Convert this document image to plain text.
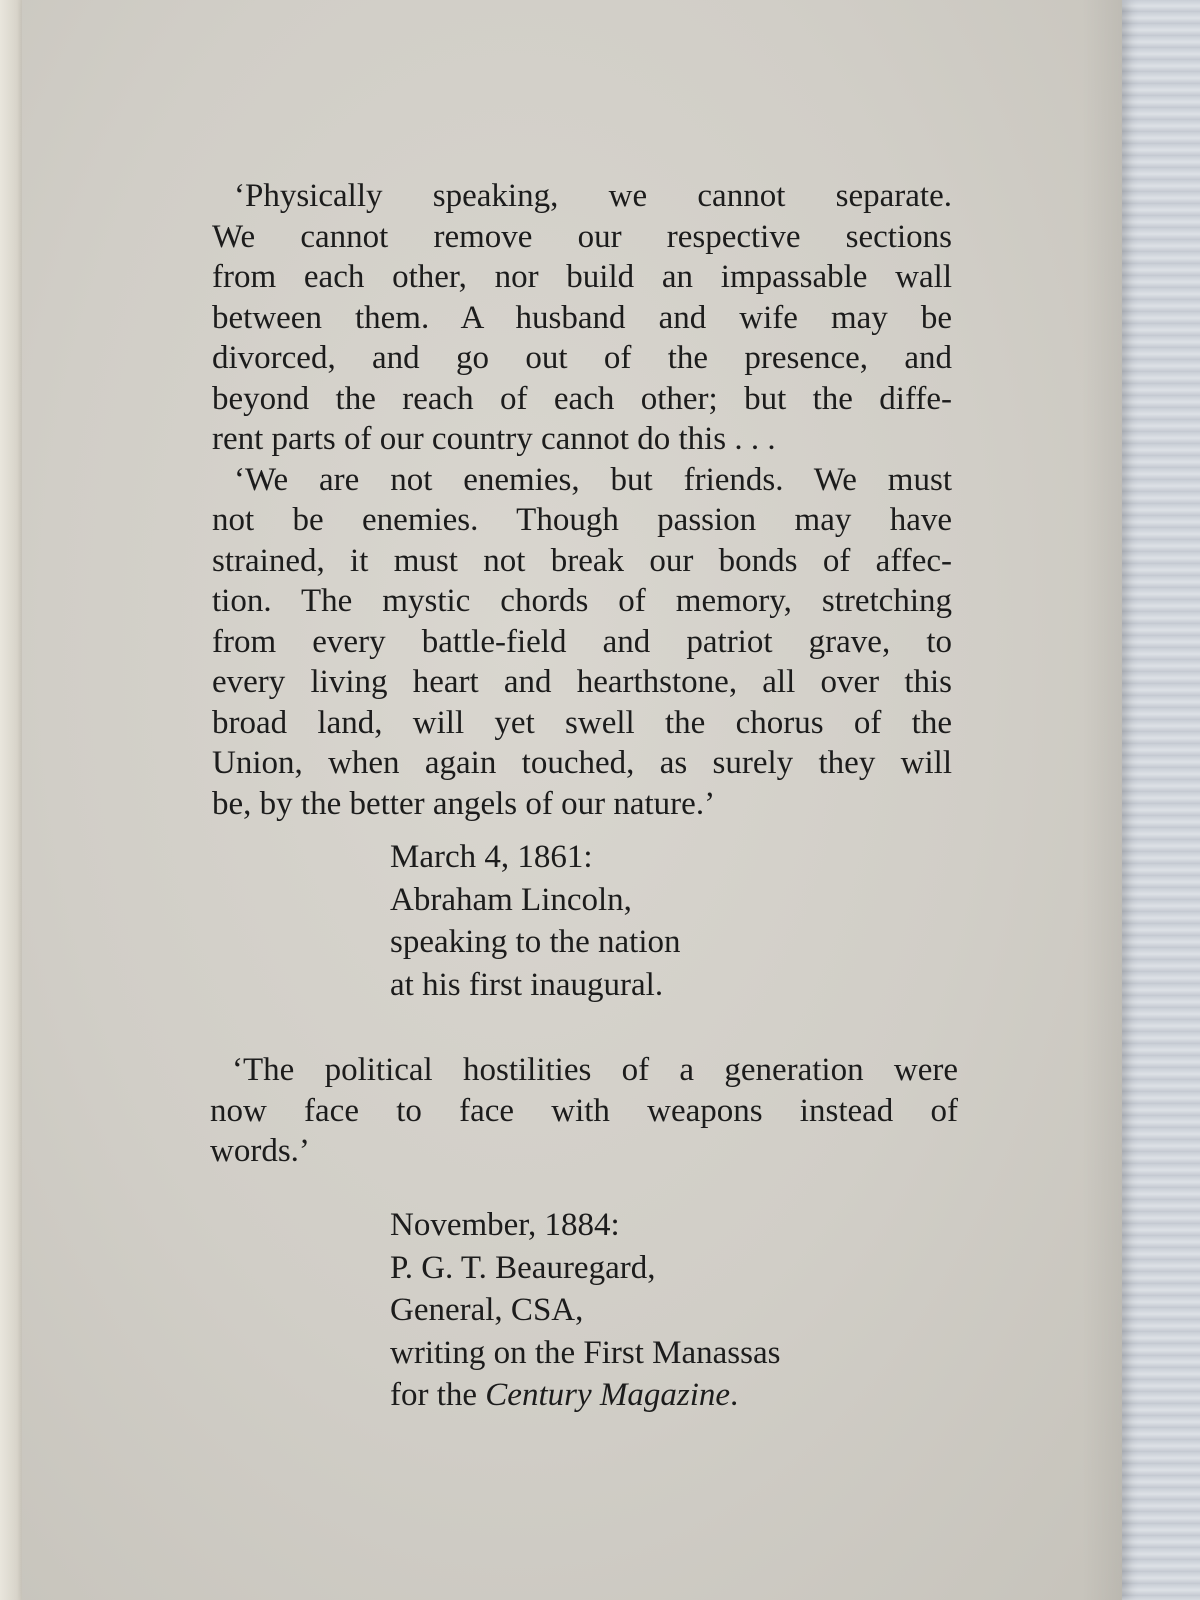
‘Physically speaking, we cannot separate.
We cannot remove our respective sections
from each other, nor build an impassable wall
between them. A husband and wife may be
divorced, and go out of the presence, and
beyond the reach of each other; but the diffe-
rent parts of our country cannot do this . . .
‘We are not enemies, but friends. We must
not be enemies. Though passion may have
strained, it must not break our bonds of affec-
tion. The mystic chords of memory, stretching
from every battle-field and patriot grave, to
every living heart and hearthstone, all over this
broad land, will yet swell the chorus of the
Union, when again touched, as surely they will
be, by the better angels of our nature.’
March 4, 1861:
Abraham Lincoln,
speaking to the nation
at his first inaugural.
‘The political hostilities of a generation were
now face to face with weapons instead of
words.’
November, 1884:
P. G. T. Beauregard,
General, CSA,
writing on the First Manassas
for the Century Magazine.
